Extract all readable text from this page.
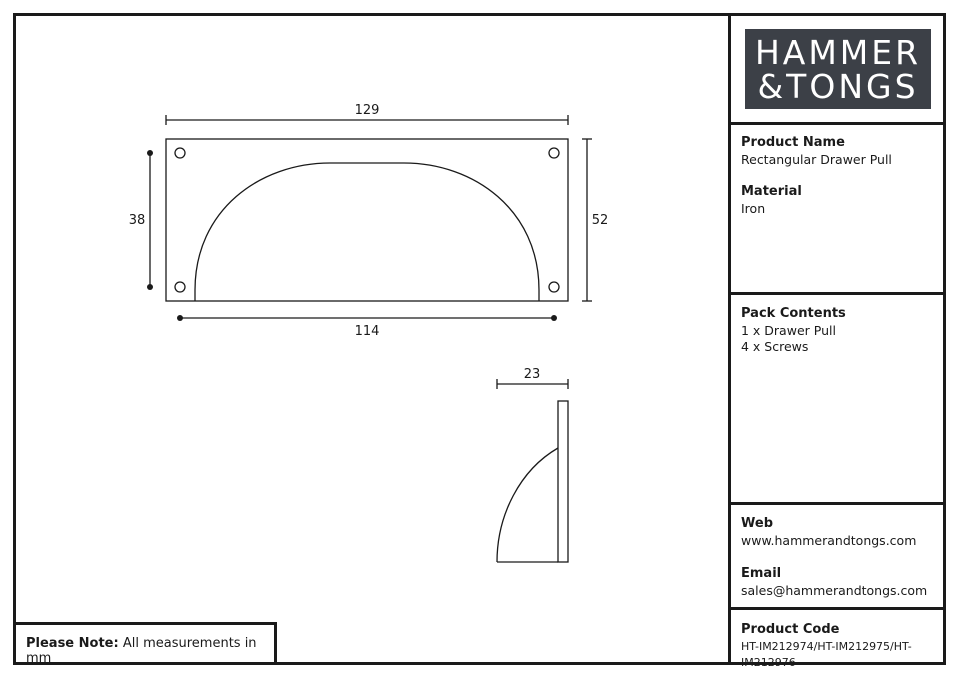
HAMMER
&TONGS
Product Name
Rectangular Drawer Pull
Material
Iron
Pack Contents
1 x Drawer Pull
4 x Screws
Web
www.hammerandtongs.com
Email
sales@hammerandtongs.com
Product Code
HT-IM212974/HT-IM212975/HT-IM212976
Please Note: All measurements in mm
129
38	52
114
23
